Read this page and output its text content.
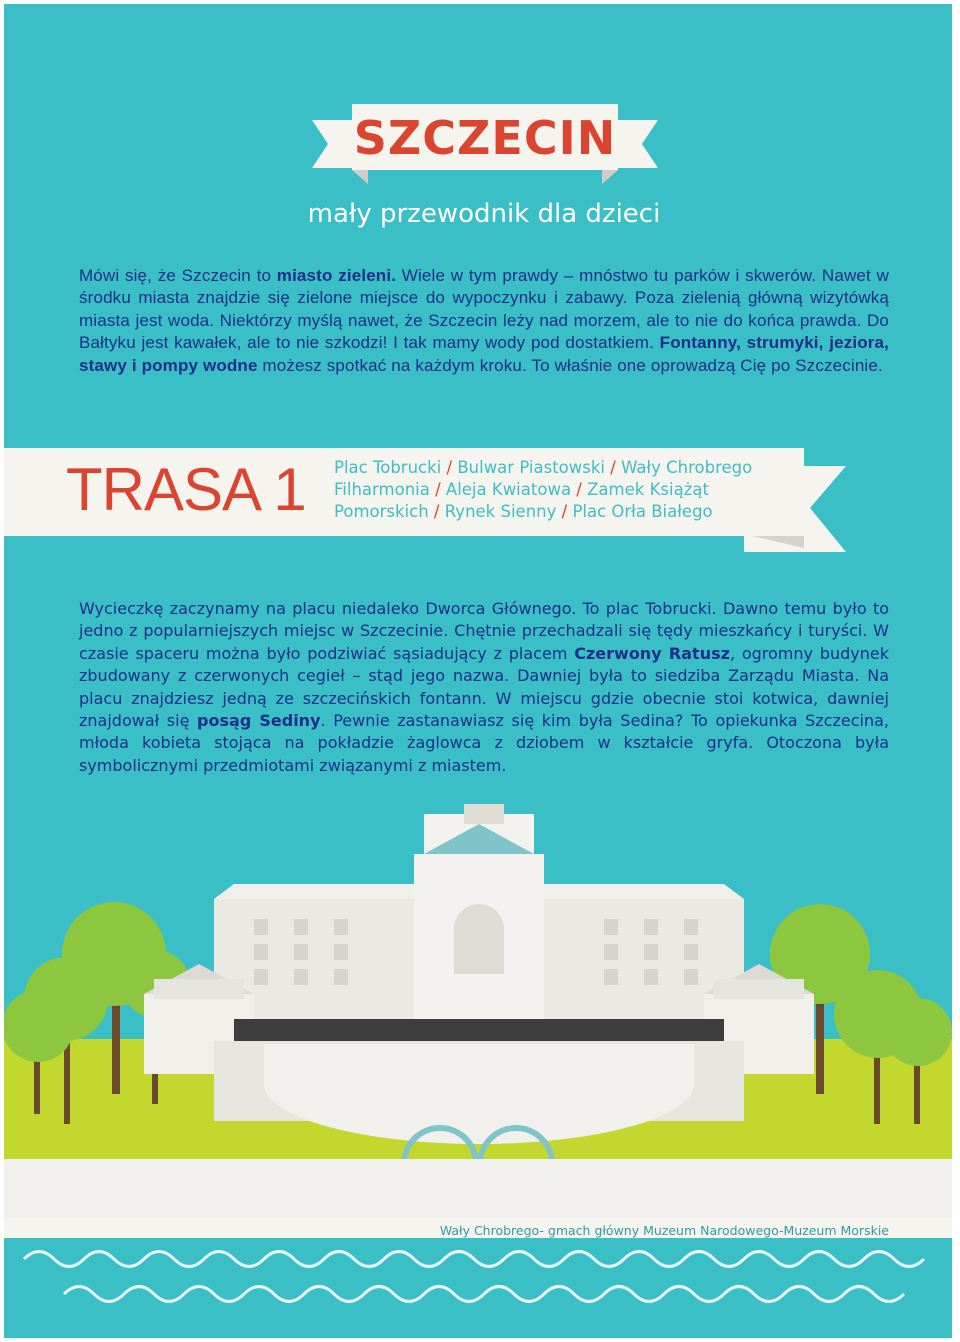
SZCZECIN
mały przewodnik dla dzieci
Mówi się, że Szczecin to miasto zieleni. Wiele w tym prawdy – mnóstwo tu parków i skwerów. Nawet w środku miasta znajdzie się zielone miejsce do wypoczynku i zabawy. Poza zielenią główną wizytówką miasta jest woda. Niektórzy myślą nawet, że Szczecin leży nad morzem, ale to nie do końca prawda. Do Bałtyku jest kawałek, ale to nie szkodzi! I tak mamy wody pod dostatkiem. Fontanny, strumyki, jeziora, stawy i pompy wodne możesz spotkać na każdym kroku. To właśnie one oprowadzą Cię po Szczecinie.
TRASA 1 Plac Tobrucki / Bulwar Piastowski / Wały Chrobrego
Filharmonia / Aleja Kwiatowa / Zamek Książąt Pomorskich / Rynek Sienny / Plac Orła Białego
Wycieczkę zaczynamy na placu niedaleko Dworca Głównego. To plac Tobrucki. Dawno temu było to jedno z popularniejszych miejsc w Szczecinie. Chętnie przechadzali się tędy mieszkańcy i turyści. W czasie spaceru można było podziwiać sąsiadujący z placem Czerwony Ratusz, ogromny budynek zbudowany z czerwonych cegieł – stąd jego nazwa. Dawniej była to siedziba Zarządu Miasta. Na placu znajdziesz jedną ze szczecińskich fontann. W miejscu gdzie obecnie stoi kotwica, dawniej znajdował się posąg Sediny. Pewnie zastanawiasz się kim była Sedina? To opiekunka Szczecina, młoda kobieta stojąca na pokładzie żaglowca z dziobem w kształcie gryfa. Otoczona była symbolicznymi przedmiotami związanymi z miastem.
Wały Chrobrego- gmach główny Muzeum Narodowego-Muzeum Morskie
